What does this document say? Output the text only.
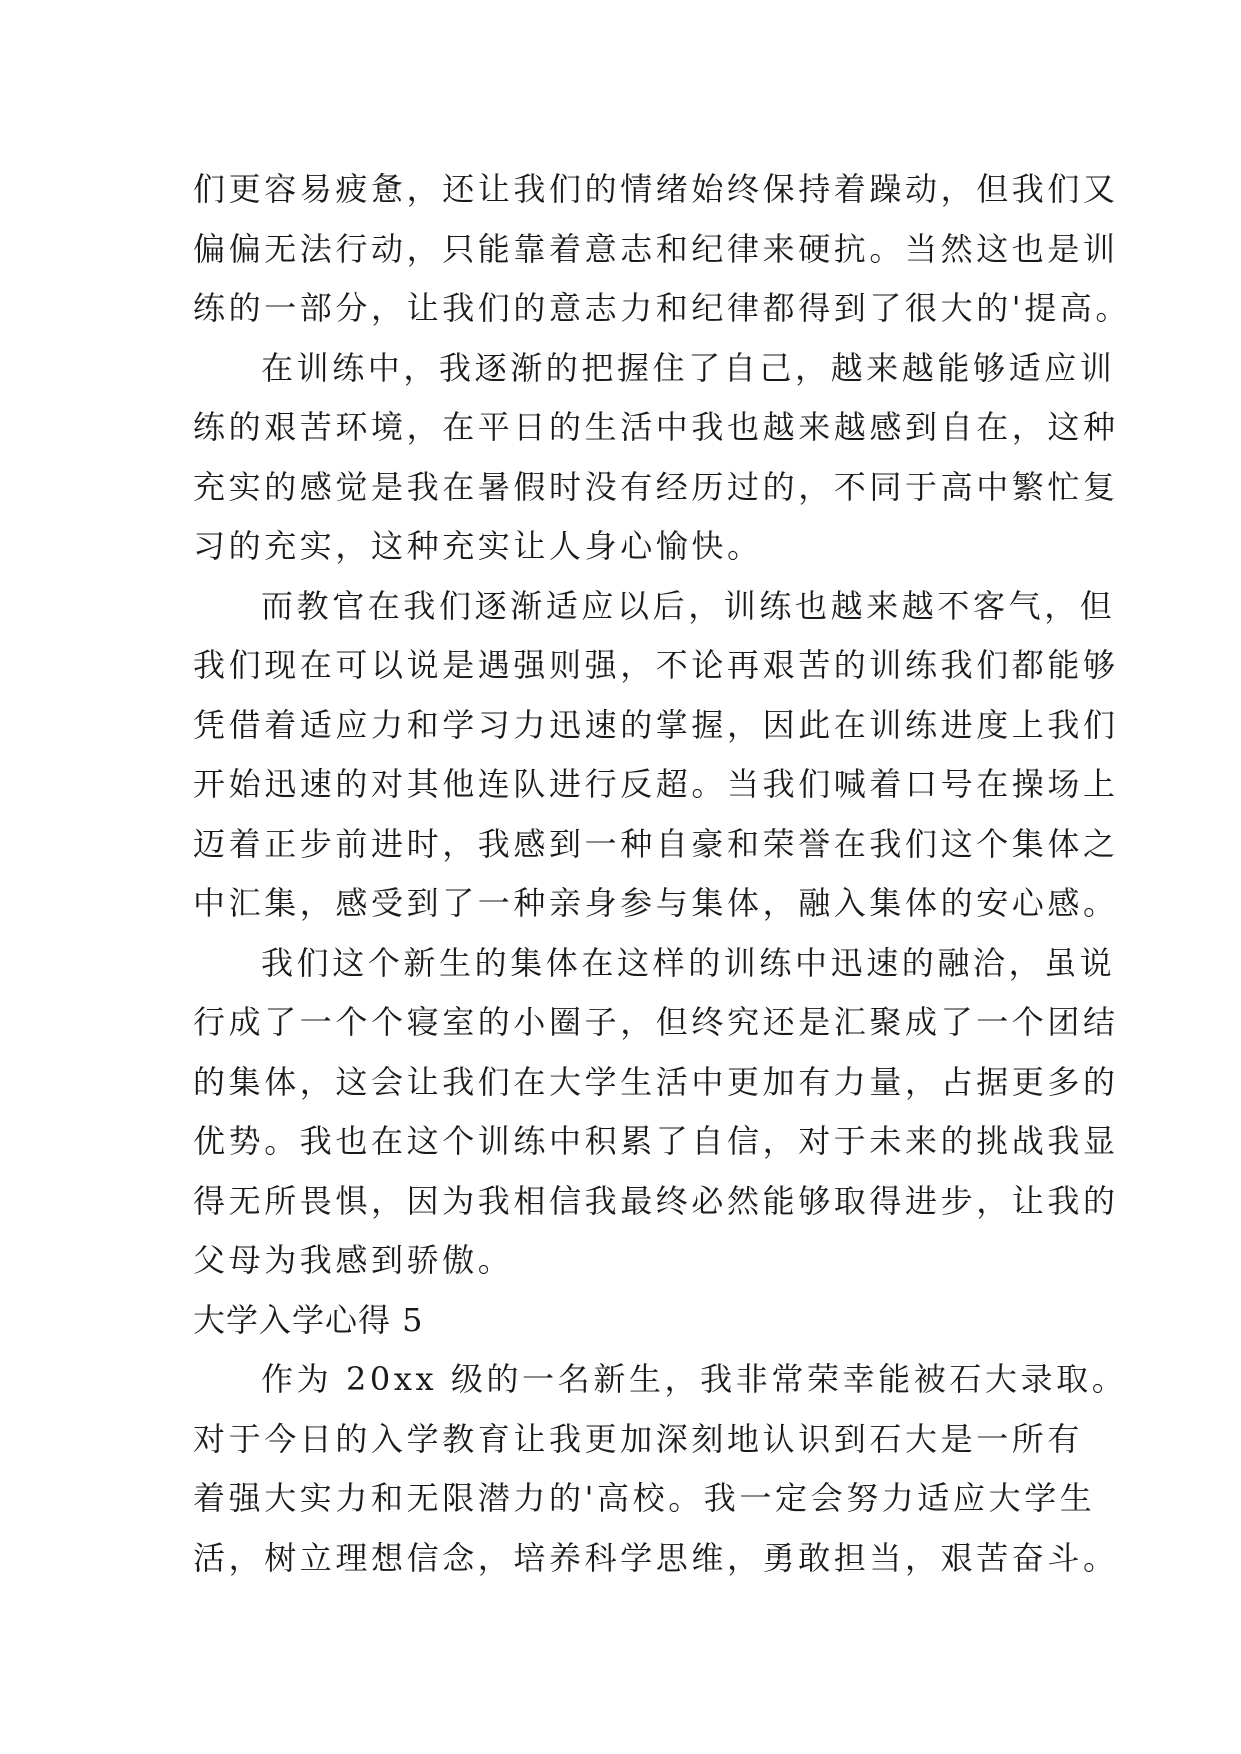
们更容易疲惫，还让我们的情绪始终保持着躁动，但我们又
偏偏无法行动，只能靠着意志和纪律来硬抗。当然这也是训
练的一部分，让我们的意志力和纪律都得到了很大的'提高。
在训练中，我逐渐的把握住了自己，越来越能够适应训
练的艰苦环境，在平日的生活中我也越来越感到自在，这种
充实的感觉是我在暑假时没有经历过的，不同于高中繁忙复
习的充实，这种充实让人身心愉快。
而教官在我们逐渐适应以后，训练也越来越不客气，但
我们现在可以说是遇强则强，不论再艰苦的训练我们都能够
凭借着适应力和学习力迅速的掌握，因此在训练进度上我们
开始迅速的对其他连队进行反超。当我们喊着口号在操场上
迈着正步前进时，我感到一种自豪和荣誉在我们这个集体之
中汇集，感受到了一种亲身参与集体，融入集体的安心感。
我们这个新生的集体在这样的训练中迅速的融洽，虽说
行成了一个个寝室的小圈子，但终究还是汇聚成了一个团结
的集体，这会让我们在大学生活中更加有力量，占据更多的
优势。我也在这个训练中积累了自信，对于未来的挑战我显
得无所畏惧，因为我相信我最终必然能够取得进步，让我的
父母为我感到骄傲。
大学入学心得 5
作为 20xx 级的一名新生，我非常荣幸能被石大录取。
对于今日的入学教育让我更加深刻地认识到石大是一所有
着强大实力和无限潜力的'高校。我一定会努力适应大学生
活，树立理想信念，培养科学思维，勇敢担当，艰苦奋斗。
